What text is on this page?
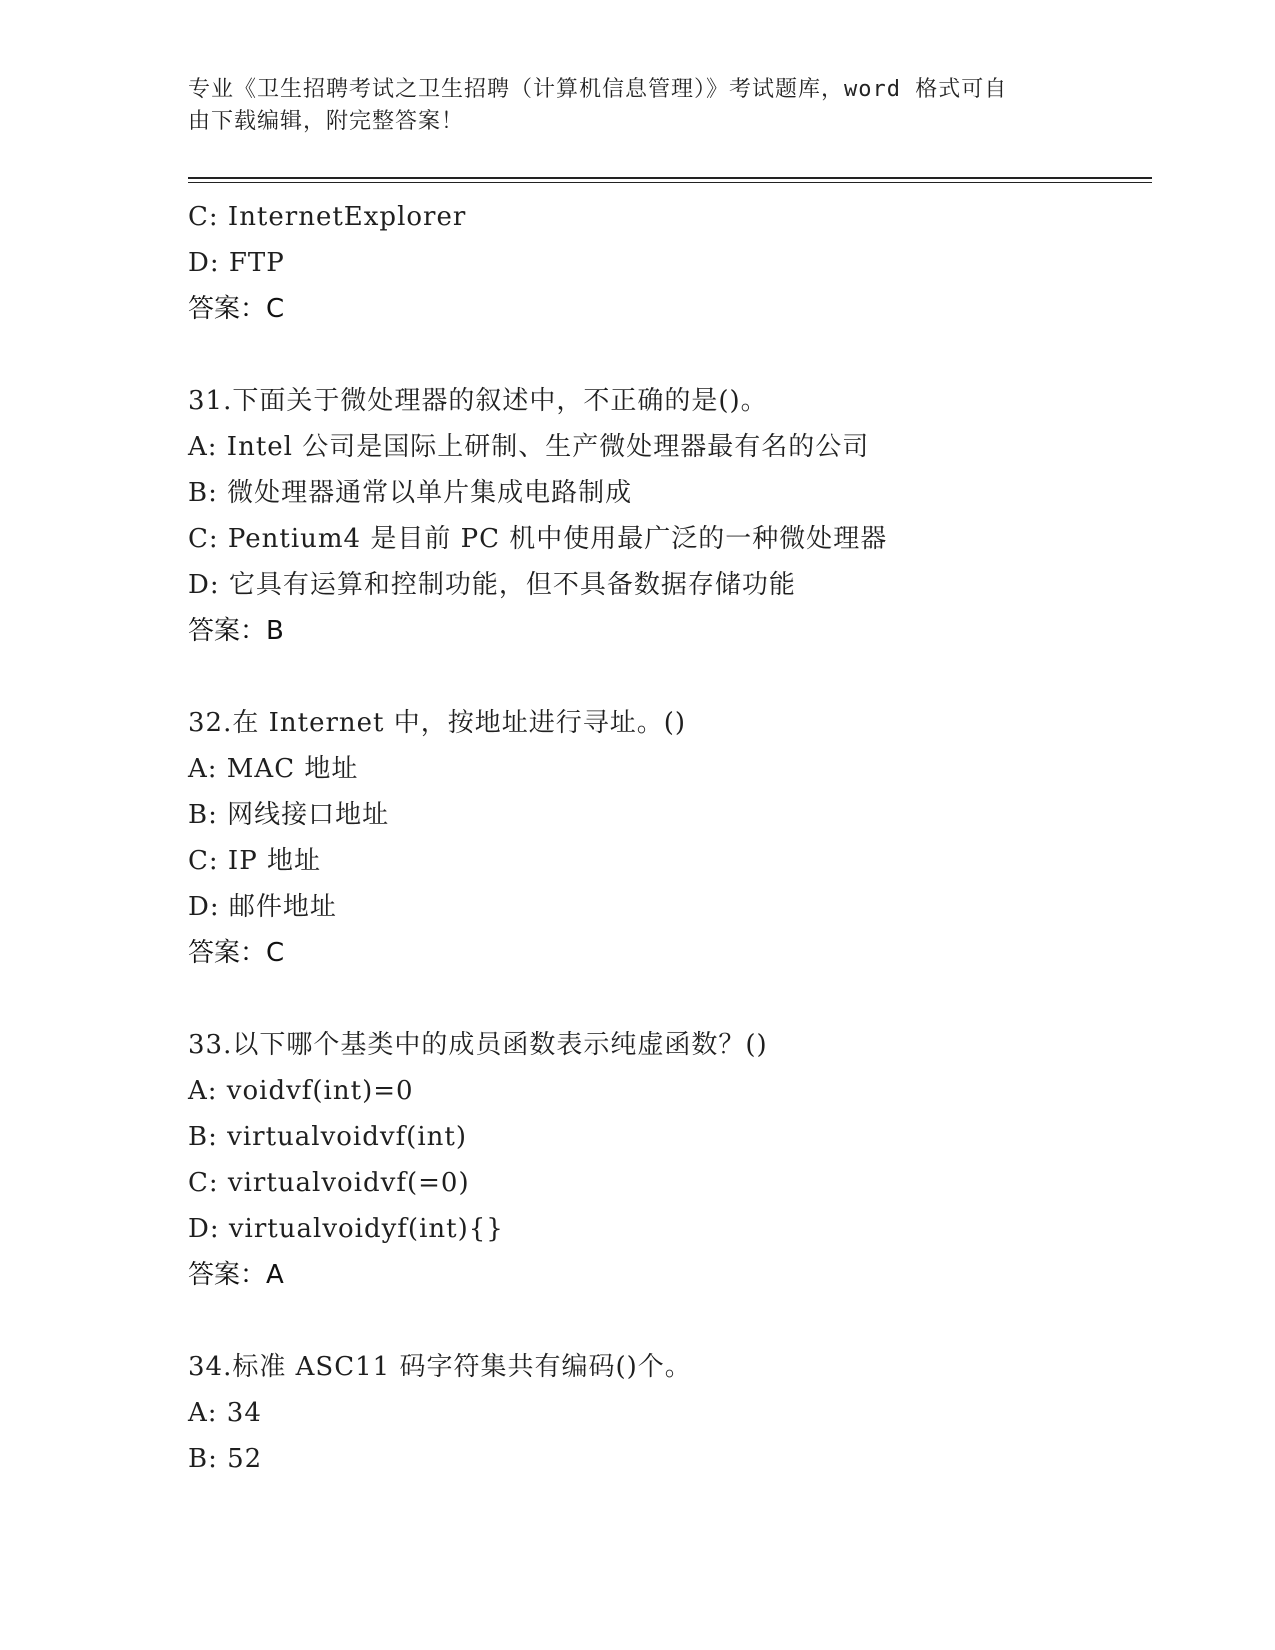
专业《卫生招聘考试之卫生招聘（计算机信息管理）》考试题库，word 格式可自
由下载编辑，附完整答案！
C: InternetExplorer
D: FTP
答案：C
31.下面关于微处理器的叙述中，不正确的是()。
A: Intel 公司是国际上研制、生产微处理器最有名的公司
B: 微处理器通常以单片集成电路制成
C: Pentium4 是目前 PC 机中使用最广泛的一种微处理器
D: 它具有运算和控制功能，但不具备数据存储功能
答案：B
32.在 Internet 中，按地址进行寻址。()
A: MAC 地址
B: 网线接口地址
C: IP 地址
D: 邮件地址
答案：C
33.以下哪个基类中的成员函数表示纯虚函数？()
A: voidvf(int)=0
B: virtualvoidvf(int)
C: virtualvoidvf(=0)
D: virtualvoidyf(int){}
答案：A
34.标准 ASC11 码字符集共有编码()个。
A: 34
B: 52
